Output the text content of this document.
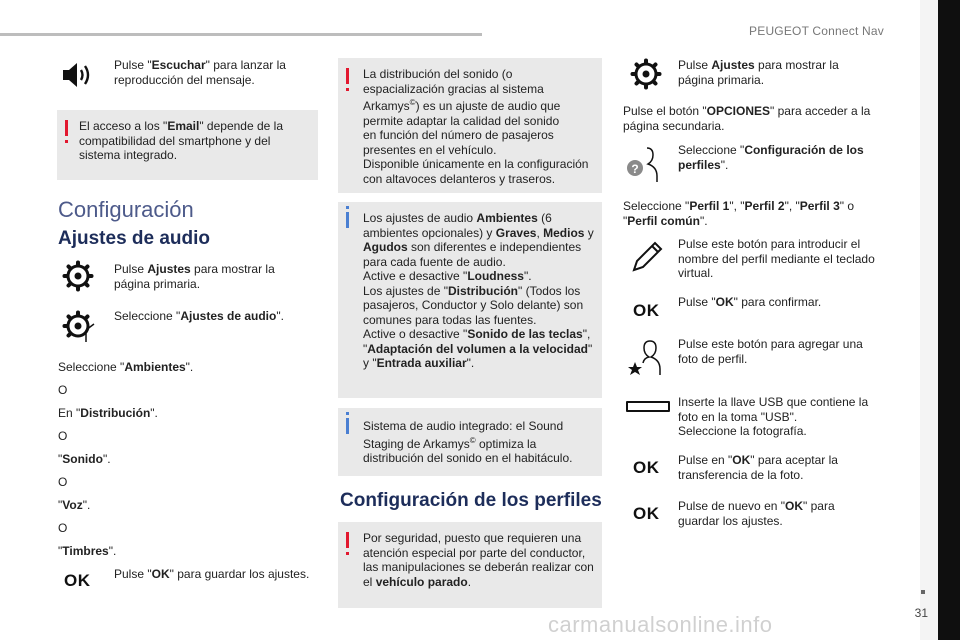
PEUGEOT Connect Nav
31
carmanualsonline.info
Pulse "Escuchar" para lanzar la reproducción del mensaje.
El acceso a los "Email" depende de la compatibilidad del smartphone y del sistema integrado.
Configuración
Ajustes de audio
Pulse Ajustes para mostrar la página primaria.
Seleccione "Ajustes de audio".
Seleccione "Ambientes".
O
En "Distribución".
O
"Sonido".
O
"Voz".
O
"Timbres".
OK Pulse "OK" para guardar los ajustes.
La distribución del sonido (o
espacialización gracias al sistema
Arkamys©) es un ajuste de audio que
permite adaptar la calidad del sonido
en función del número de pasajeros
presentes en el vehículo.
Disponible únicamente en la configuración
con altavoces delanteros y traseros.
Los ajustes de audio Ambientes (6 ambientes opcionales) y Graves, Medios y Agudos son diferentes e independientes para cada fuente de audio.
Active e desactive "Loudness".
Los ajustes de "Distribución" (Todos los pasajeros, Conductor y Solo delante) son comunes para todas las fuentes.
Active o desactive "Sonido de las teclas", "Adaptación del volumen a la velocidad" y "Entrada auxiliar".
Sistema de audio integrado: el Sound Staging de Arkamys© optimiza la distribución del sonido en el habitáculo.
Configuración de los perfiles
Por seguridad, puesto que requieren una atención especial por parte del conductor, las manipulaciones se deberán realizar con el vehículo parado.
Pulse Ajustes para mostrar la página primaria.
Pulse el botón "OPCIONES" para acceder a la página secundaria.
?
Seleccione "Configuración de los perfiles".
Seleccione "Perfil 1", "Perfil 2", "Perfil 3" o "Perfil común".
Pulse este botón para introducir el nombre del perfil mediante el teclado virtual.
OK Pulse "OK" para confirmar.
Pulse este botón para agregar una foto de perfil.
Inserte la llave USB que contiene la foto en la toma "USB".
Seleccione la fotografía.
OK Pulse en "OK" para aceptar la transferencia de la foto.
OK Pulse de nuevo en "OK" para guardar los ajustes.
